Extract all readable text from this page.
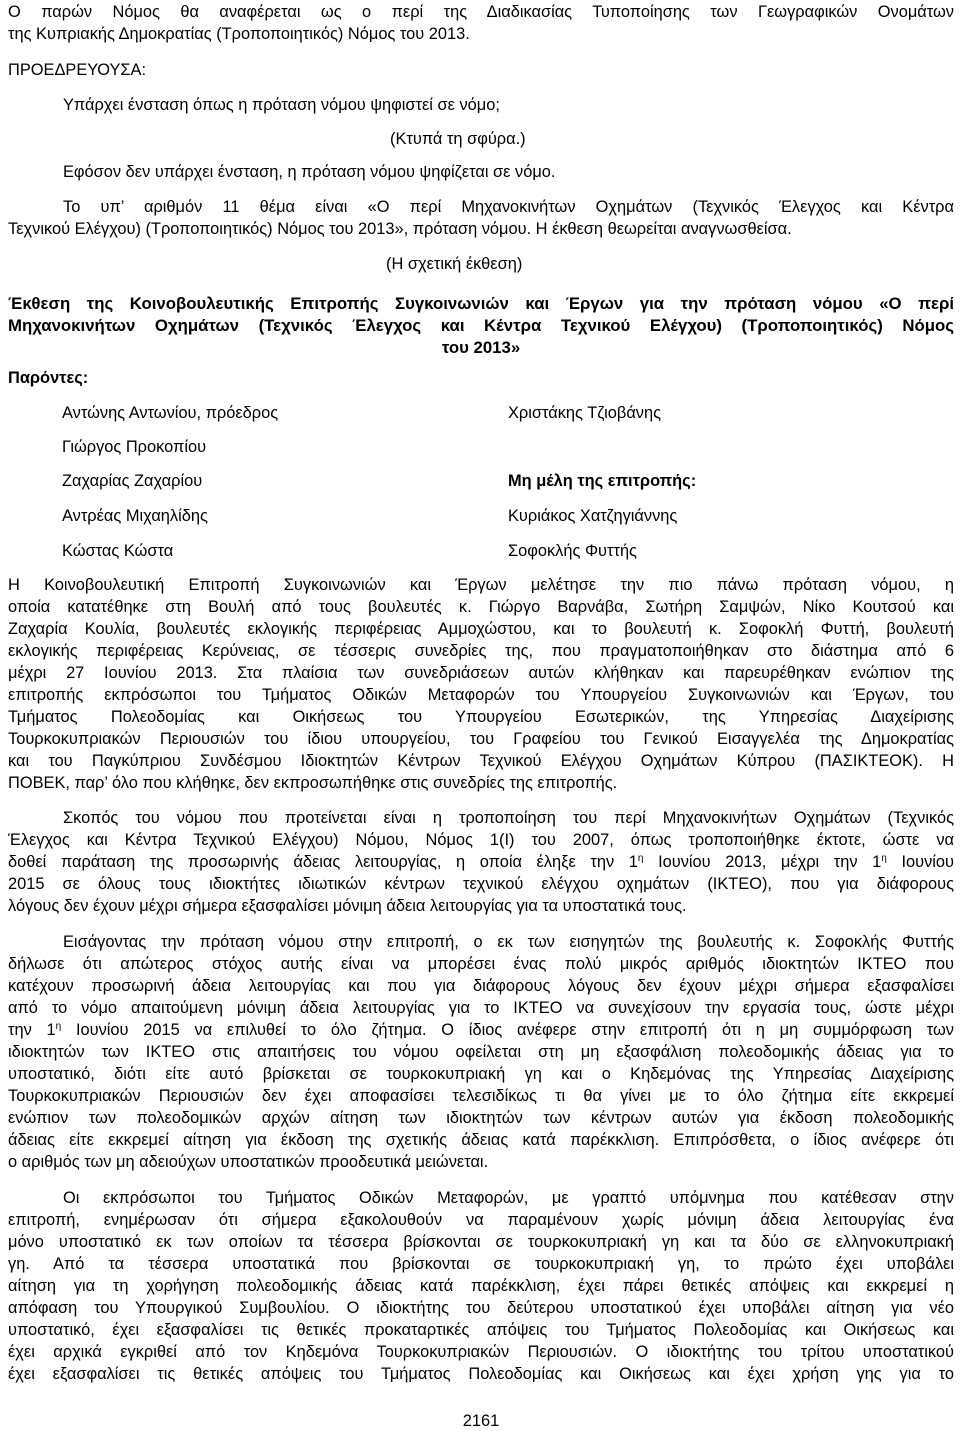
Ο παρών Νόμος θα αναφέρεται ως ο περί της Διαδικασίας Τυποποίησης των Γεωγραφικών Ονομάτων
της Κυπριακής Δημοκρατίας (Τροποποιητικός) Νόμος του 2013.
ΠΡΟΕΔΡΕΥΟΥΣΑ:
Υπάρχει ένσταση όπως η πρόταση νόμου ψηφιστεί σε νόμο;
(Κτυπά τη σφύρα.)
Εφόσον δεν υπάρχει ένσταση, η πρόταση νόμου ψηφίζεται σε νόμο.
Το υπ’ αριθμόν 11 θέμα είναι «Ο περί Μηχανοκινήτων Οχημάτων (Τεχνικός Έλεγχος και Κέντρα
Τεχνικού Ελέγχου) (Τροποποιητικός) Νόμος του 2013», πρόταση νόμου. Η έκθεση θεωρείται αναγνωσθείσα.
(Η σχετική έκθεση)
Έκθεση της Κοινοβουλευτικής Επιτροπής Συγκοινωνιών και Έργων για την πρόταση νόμου «Ο περί
Μηχανοκινήτων Οχημάτων (Τεχνικός Έλεγχος και Κέντρα Τεχνικού Ελέγχου) (Τροποποιητικός) Νόμος
του 2013»
Παρόντες:
Αντώνης Αντωνίου, πρόεδρος
Γιώργος Προκοπίου
Ζαχαρίας Ζαχαρίου
Αντρέας Μιχαηλίδης
Κώστας Κώστα
Χριστάκης Τζιοβάνης
Μη μέλη της επιτροπής:
Κυριάκος Χατζηγιάννης
Σοφοκλής Φυττής
Η Κοινοβουλευτική Επιτροπή Συγκοινωνιών και Έργων μελέτησε την πιο πάνω πρόταση νόμου, η
οποία κατατέθηκε στη Βουλή από τους βουλευτές κ. Γιώργο Βαρνάβα, Σωτήρη Σαμψών, Νίκο Κουτσού και
Ζαχαρία Κουλία, βουλευτές εκλογικής περιφέρειας Αμμοχώστου, και το βουλευτή κ. Σοφοκλή Φυττή, βουλευτή
εκλογικής περιφέρειας Κερύνειας, σε τέσσερις συνεδρίες της, που πραγματοποιήθηκαν στο διάστημα από 6
μέχρι 27 Ιουνίου 2013. Στα πλαίσια των συνεδριάσεων αυτών κλήθηκαν και παρευρέθηκαν ενώπιον της
επιτροπής εκπρόσωποι του Τμήματος Οδικών Μεταφορών του Υπουργείου Συγκοινωνιών και Έργων, του
Τμήματος Πολεοδομίας και Οικήσεως του Υπουργείου Εσωτερικών, της Υπηρεσίας Διαχείρισης
Τουρκοκυπριακών Περιουσιών του ίδιου υπουργείου, του Γραφείου του Γενικού Εισαγγελέα της Δημοκρατίας
και του Παγκύπριου Συνδέσμου Ιδιοκτητών Κέντρων Τεχνικού Ελέγχου Οχημάτων Κύπρου (ΠΑΣΙΚΤΕΟΚ). Η
ΠΟΒΕΚ, παρ’ όλο που κλήθηκε, δεν εκπροσωπήθηκε στις συνεδρίες της επιτροπής.
Σκοπός του νόμου που προτείνεται είναι η τροποποίηση του περί Μηχανοκινήτων Οχημάτων (Τεχνικός
Έλεγχος και Κέντρα Τεχνικού Ελέγχου) Νόμου, Νόμος 1(Ι) του 2007, όπως τροποποιήθηκε έκτοτε, ώστε να
δοθεί παράταση της προσωρινής άδειας λειτουργίας, η οποία έληξε την $1^\eta$ Ιουνίου 2013, μέχρι την $1^\eta$ Ιουνίου
2015 σε όλους τους ιδιοκτήτες ιδιωτικών κέντρων τεχνικού ελέγχου οχημάτων (ΙΚΤΕΟ), που για διάφορους
λόγους δεν έχουν μέχρι σήμερα εξασφαλίσει μόνιμη άδεια λειτουργίας για τα υποστατικά τους.
Εισάγοντας την πρόταση νόμου στην επιτροπή, ο εκ των εισηγητών της βουλευτής κ. Σοφοκλής Φυττής
δήλωσε ότι απώτερος στόχος αυτής είναι να μπορέσει ένας πολύ μικρός αριθμός ιδιοκτητών ΙΚΤΕΟ που
κατέχουν προσωρινή άδεια λειτουργίας και που για διάφορους λόγους δεν έχουν μέχρι σήμερα εξασφαλίσει
από το νόμο απαιτούμενη μόνιμη άδεια λειτουργίας για το ΙΚΤΕΟ να συνεχίσουν την εργασία τους, ώστε μέχρι
την $1^\eta$ Ιουνίου 2015 να επιλυθεί το όλο ζήτημα. Ο ίδιος ανέφερε στην επιτροπή ότι η μη συμμόρφωση των
ιδιοκτητών των ΙΚΤΕΟ στις απαιτήσεις του νόμου οφείλεται στη μη εξασφάλιση πολεοδομικής άδειας για το
υποστατικό, διότι είτε αυτό βρίσκεται σε τουρκοκυπριακή γη και ο Κηδεμόνας της Υπηρεσίας Διαχείρισης
Τουρκοκυπριακών Περιουσιών δεν έχει αποφασίσει τελεσιδίκως τι θα γίνει με το όλο ζήτημα είτε εκκρεμεί
ενώπιον των πολεοδομικών αρχών αίτηση των ιδιοκτητών των κέντρων αυτών για έκδοση πολεοδομικής
άδειας είτε εκκρεμεί αίτηση για έκδοση της σχετικής άδειας κατά παρέκκλιση. Επιπρόσθετα, ο ίδιος ανέφερε ότι
ο αριθμός των μη αδειούχων υποστατικών προοδευτικά μειώνεται.
Οι εκπρόσωποι του Τμήματος Οδικών Μεταφορών, με γραπτό υπόμνημα που κατέθεσαν στην
επιτροπή, ενημέρωσαν ότι σήμερα εξακολουθούν να παραμένουν χωρίς μόνιμη άδεια λειτουργίας ένα
μόνο υποστατικό εκ των οποίων τα τέσσερα βρίσκονται σε τουρκοκυπριακή γη και τα δύο σε ελληνοκυπριακή
γη. Από τα τέσσερα υποστατικά που βρίσκονται σε τουρκοκυπριακή γη, το πρώτο έχει υποβάλει
αίτηση για τη χορήγηση πολεοδομικής άδειας κατά παρέκκλιση, έχει πάρει θετικές απόψεις και εκκρεμεί η
απόφαση του Υπουργικού Συμβουλίου. Ο ιδιοκτήτης του δεύτερου υποστατικού έχει υποβάλει αίτηση για νέο
υποστατικό, έχει εξασφαλίσει τις θετικές προκαταρτικές απόψεις του Τμήματος Πολεοδομίας και Οικήσεως και
έχει αρχικά εγκριθεί από τον Κηδεμόνα Τουρκοκυπριακών Περιουσιών. Ο ιδιοκτήτης του τρίτου υποστατικού
έχει εξασφαλίσει τις θετικές απόψεις του Τμήματος Πολεοδομίας και Οικήσεως και έχει χρήση γης για το
2161
